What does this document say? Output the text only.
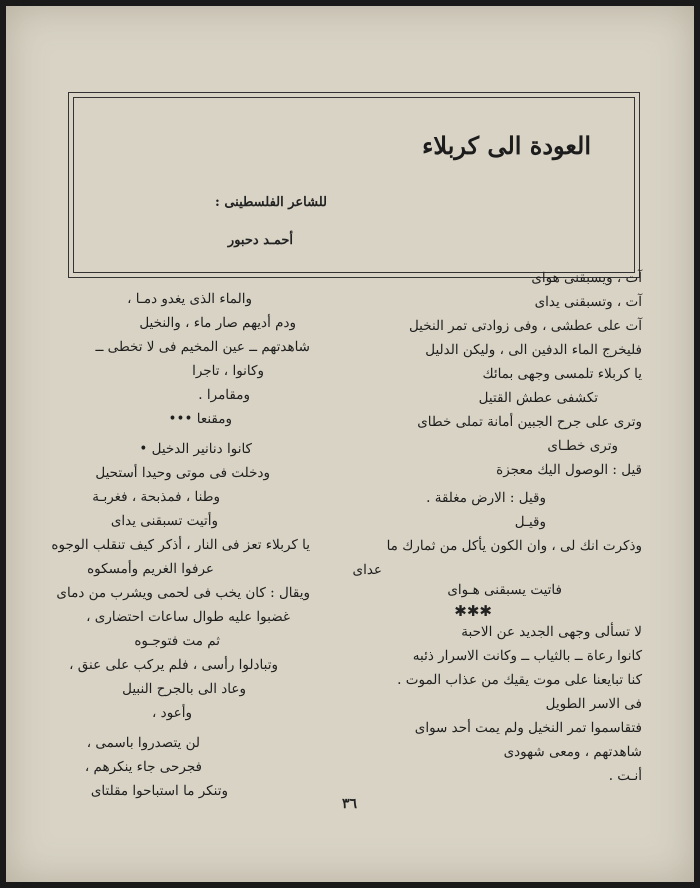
العودة الى كربلاء
للشاعر الفلسطينى :
أحمـد دحبور
آت ، ويسبقنى هواى
آت ، وتسبقنى يداى
آت على عطشى ، وفى زوادتى تمر النخيل
فليخرج الماء الدفين الى ، وليكن الدليل
يا كربلاء تلمسى وجهى بمائك
تكشفى عطش القتيل
وترى على جرح الجبين أمانة تملى خطاى
وترى خطـاى
قيل : الوصول اليك معجزة
وقيل : الارض مغلقة .
وقيـل
وذكرت انك لى ، وان الكون يأكل من ثمارك ما
عداى
فاتيت يسبقنى هـواى
لا تسألى وجهى الجديد عن الاحبة
كانوا رعاة ــ بالثياب ــ وكانت الاسرار ذئبه
كنا تبايعنا على موت يقيك من عذاب الموت .
فى الاسر الطويل
فتقاسموا تمر النخيل ولم يمت أحد سوای
شاهدتهم ، ومعى شهودى
أنـت .
✱✱✱
والماء الذى يغدو دمـا ،
ودم أديهم صار ماء ، والنخيل
شاهدتهم ــ عين المخيم فى لا تخطى ــ
وكانوا ، تاجرا
ومقامرا .
ومقنعا •••
كانوا دنانير الدخيل •
ودخلت فى موتى وحيدا أستحيل
وطنا ، فمذبحة ، فغربـة
وأتيت تسبقنى يداى
يا كربلاء تعز فى النار ، أذكر كيف تنقلب الوجوه
عرفوا الغريم وأمسكوه
ويقال : كان يخب فى لحمى ويشرب من دماى
غضبوا عليه طوال ساعات احتضارى ،
ثم مت فتوجـوه
وتبادلوا رأسى ، فلم يركب على عنق ،
وعاد الى بالجرح النبيل
وأعود ،
لن يتصدروا باسمى ،
فجرحى جاء ينكرهم ،
وتنكر ما استباحوا مقلتاى
٣٦
